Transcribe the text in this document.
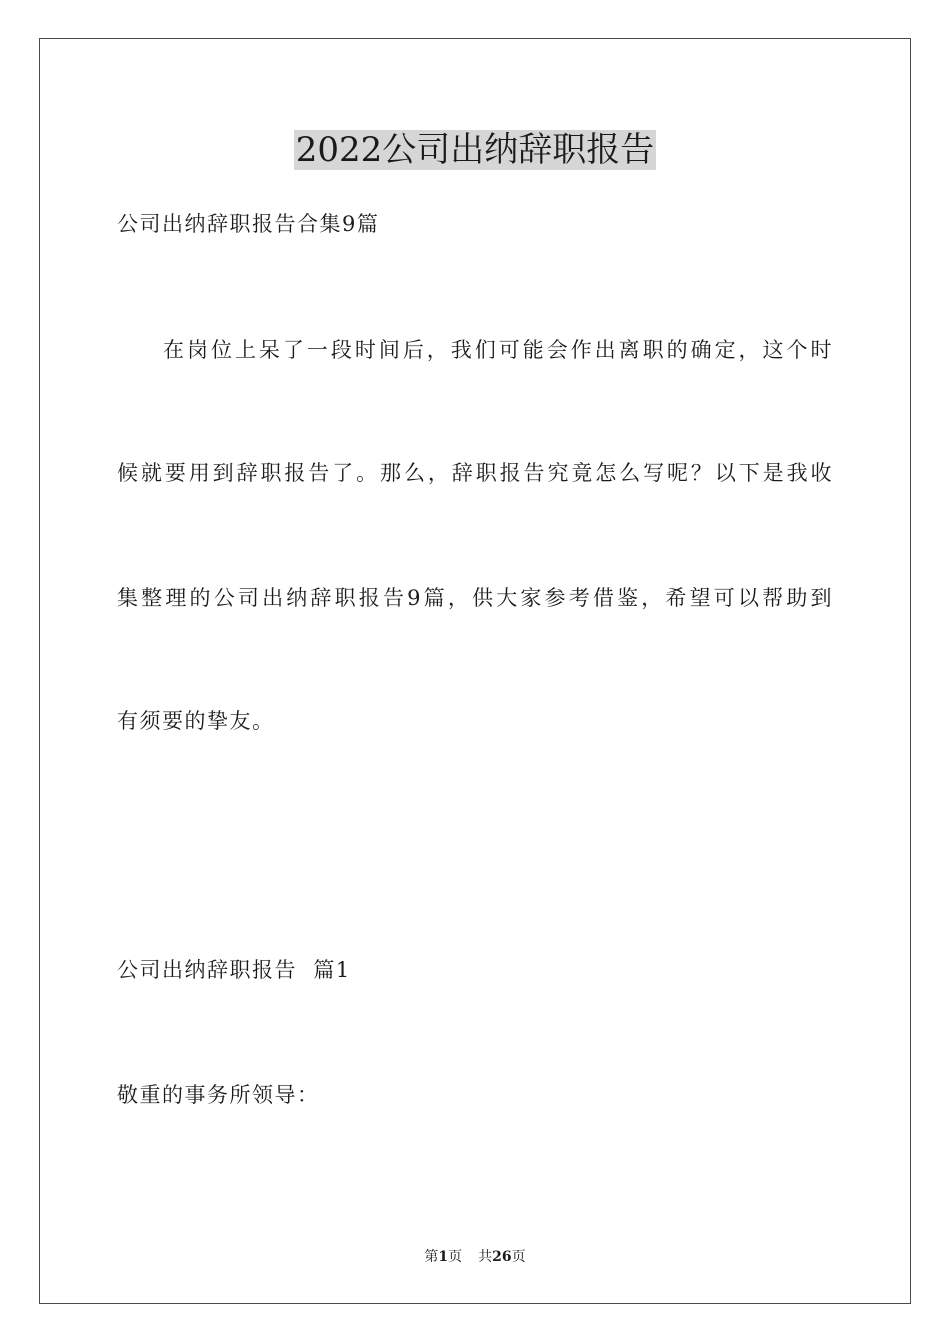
2022公司出纳辞职报告
公司出纳辞职报告合集9篇
在岗位上呆了一段时间后，我们可能会作出离职的确定，这个时
候就要用到辞职报告了。那么，辞职报告究竟怎么写呢？以下是我收
集整理的公司出纳辞职报告9篇，供大家参考借鉴，希望可以帮助到
有须要的挚友。
公司出纳辞职报告  篇1
敬重的事务所领导：
第1页 共26页
